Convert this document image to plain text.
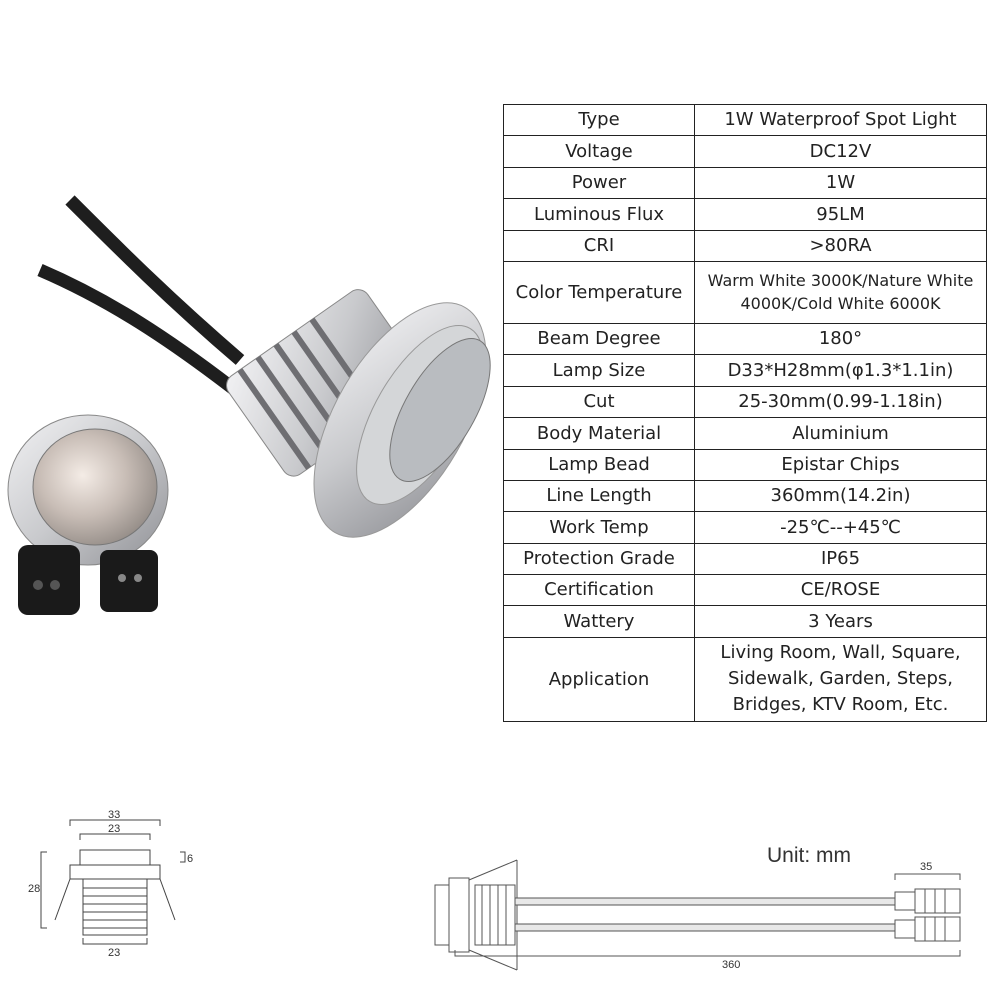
Type	1W Waterproof Spot Light
Voltage	DC12V
Power	1W
Luminous Flux	95LM
CRI	>80RA
Color Temperature	Warm White 3000K/Nature White
4000K/Cold White 6000K
Beam Degree	180°
Lamp Size	D33*H28mm(φ1.3*1.1in)
Cut	25-30mm(0.99-1.18in)
Body Material	Aluminium
Lamp Bead	Epistar Chips
Line Length	360mm(14.2in)
Work Temp	-25℃--+45℃
Protection Grade	IP65
Certification	CE/ROSE
Wattery	3 Years
Application	Living Room, Wall, Square,
Sidewalk, Garden, Steps,
Bridges, KTV Room, Etc.
33
23
28
6
23
Unit: mm	35
360
